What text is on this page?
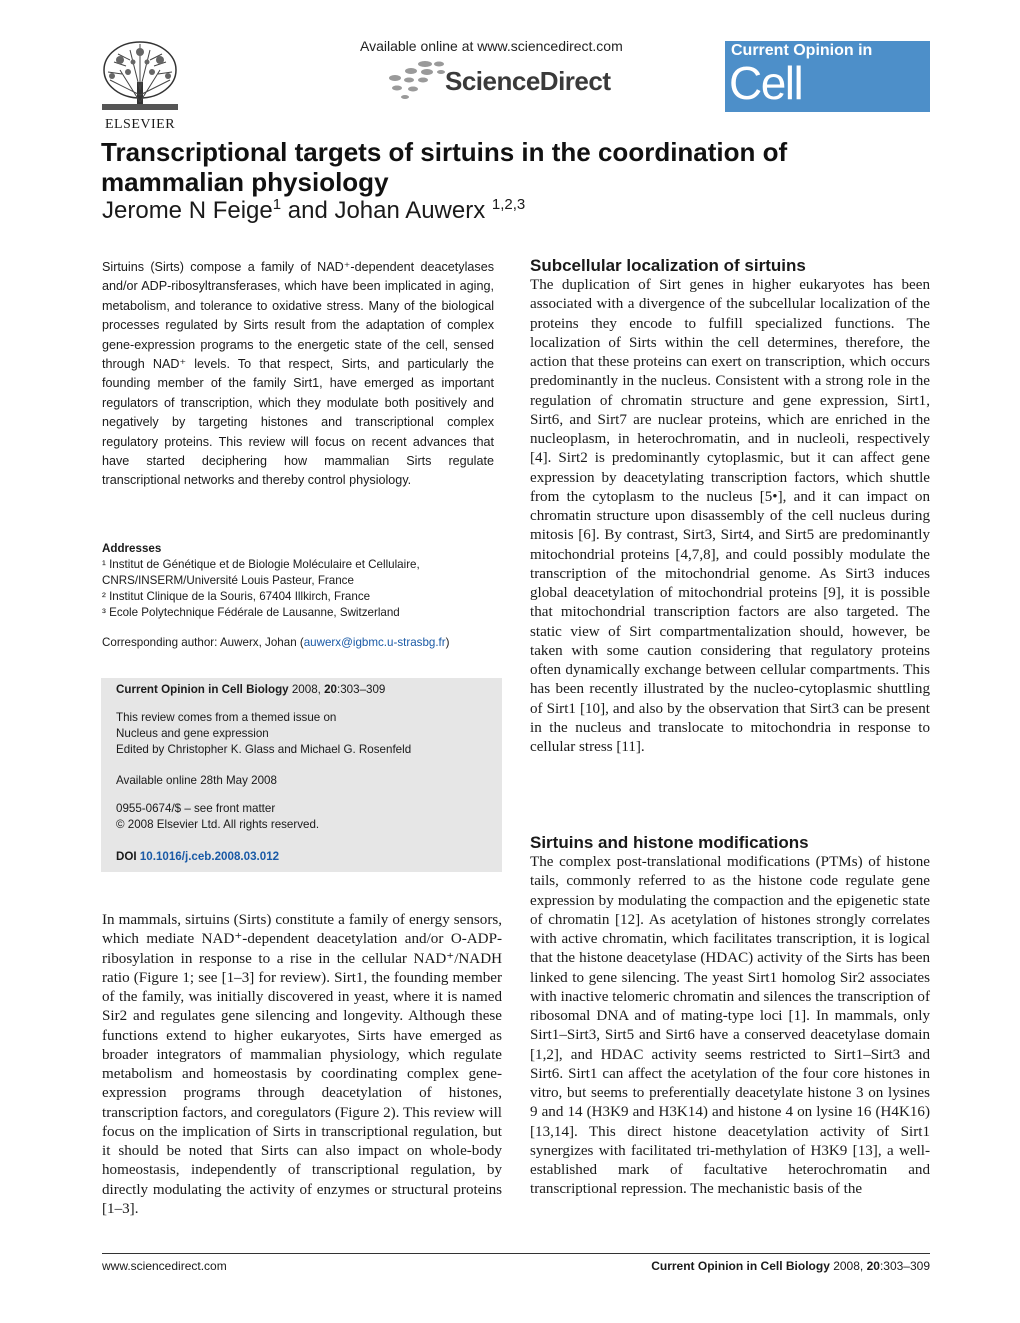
ELSEVIER
Available online at www.sciencedirect.com
ScienceDirect
Current Opinion in
Cell Biology
Transcriptional targets of sirtuins in the coordination of mammalian physiology
Jerome N Feige$^1$ and Johan Auwerx $^{1,2,3}$
Sirtuins (Sirts) compose a family of NAD⁺-dependent deacetylases and/or ADP-ribosyltransferases, which have been implicated in aging, metabolism, and tolerance to oxidative stress. Many of the biological processes regulated by Sirts result from the adaptation of complex gene-expression programs to the energetic state of the cell, sensed through NAD⁺ levels. To that respect, Sirts, and particularly the founding member of the family Sirt1, have emerged as important regulators of transcription, which they modulate both positively and negatively by targeting histones and transcriptional complex regulatory proteins. This review will focus on recent advances that have started deciphering how mammalian Sirts regulate transcriptional networks and thereby control physiology.
Addresses
¹ Institut de Génétique et de Biologie Moléculaire et Cellulaire,
CNRS/INSERM/Université Louis Pasteur, France
² Institut Clinique de la Souris, 67404 Illkirch, France
³ Ecole Polytechnique Fédérale de Lausanne, Switzerland
Corresponding author: Auwerx, Johan (auwerx@igbmc.u-strasbg.fr)
Current Opinion in Cell Biology 2008, 20:303–309
This review comes from a themed issue on
Nucleus and gene expression
Edited by Christopher K. Glass and Michael G. Rosenfeld
Available online 28th May 2008
0955-0674/$ – see front matter
© 2008 Elsevier Ltd. All rights reserved.
DOI 10.1016/j.ceb.2008.03.012
In mammals, sirtuins (Sirts) constitute a family of energy sensors, which mediate NAD⁺-dependent deacetylation and/or O-ADP-ribosylation in response to a rise in the cellular NAD⁺/NADH ratio (Figure 1; see [1–3] for review). Sirt1, the founding member of the family, was initially discovered in yeast, where it is named Sir2 and regulates gene silencing and longevity. Although these functions extend to higher eukaryotes, Sirts have emerged as broader integrators of mammalian physiology, which regulate metabolism and homeostasis by coordinating complex gene-expression programs through deacetylation of histones, transcription factors, and coregulators (Figure 2). This review will focus on the implication of Sirts in transcriptional regulation, but it should be noted that Sirts can also impact on whole-body homeostasis, independently of transcriptional regulation, by directly modulating the activity of enzymes or structural proteins [1–3].
Subcellular localization of sirtuins

The duplication of Sirt genes in higher eukaryotes has been associated with a divergence of the subcellular localization of the proteins they encode to fulfill specialized functions. The localization of Sirts within the cell determines, therefore, the action that these proteins can exert on transcription, which occurs predominantly in the nucleus. Consistent with a strong role in the regulation of chromatin structure and gene expression, Sirt1, Sirt6, and Sirt7 are nuclear proteins, which are enriched in the nucleoplasm, in heterochromatin, and in nucleoli, respectively [4]. Sirt2 is predominantly cytoplasmic, but it can affect gene expression by deacetylating transcription factors, which shuttle from the cytoplasm to the nucleus [5•], and it can impact on chromatin structure upon disassembly of the cell nucleus during mitosis [6]. By contrast, Sirt3, Sirt4, and Sirt5 are predominantly mitochondrial proteins [4,7,8], and could possibly modulate the transcription of the mitochondrial genome. As Sirt3 induces global deacetylation of mitochondrial proteins [9], it is possible that mitochondrial transcription factors are also targeted. The static view of Sirt compartmentalization should, however, be taken with some caution considering that regulatory proteins often dynamically exchange between cellular compartments. This has been recently illustrated by the nucleo-cytoplasmic shuttling of Sirt1 [10], and also by the observation that Sirt3 can be present in the nucleus and translocate to mitochondria in response to cellular stress [11].

Sirtuins and histone modifications

The complex post-translational modifications (PTMs) of histone tails, commonly referred to as the histone code regulate gene expression by modulating the compaction and the epigenetic state of chromatin [12]. As acetylation of histones strongly correlates with active chromatin, which facilitates transcription, it is logical that the histone deacetylase (HDAC) activity of the Sirts has been linked to gene silencing. The yeast Sirt1 homolog Sir2 associates with inactive telomeric chromatin and silences the transcription of ribosomal DNA and of mating-type loci [1]. In mammals, only Sirt1–Sirt3, Sirt5 and Sirt6 have a conserved deacetylase domain [1,2], and HDAC activity seems restricted to Sirt1–Sirt3 and Sirt6. Sirt1 can affect the acetylation of the four core histones in vitro, but seems to preferentially deacetylate histone 3 on lysines 9 and 14 (H3K9 and H3K14) and histone 4 on lysine 16 (H4K16) [13,14]. This direct histone deacetylation activity of Sirt1 synergizes with facilitated tri-methylation of H3K9 [13], a well-established mark of facultative heterochromatin and transcriptional repression. The mechanistic basis of the

www.sciencedirect.com	Current Opinion in Cell Biology 2008, 20:303–309
